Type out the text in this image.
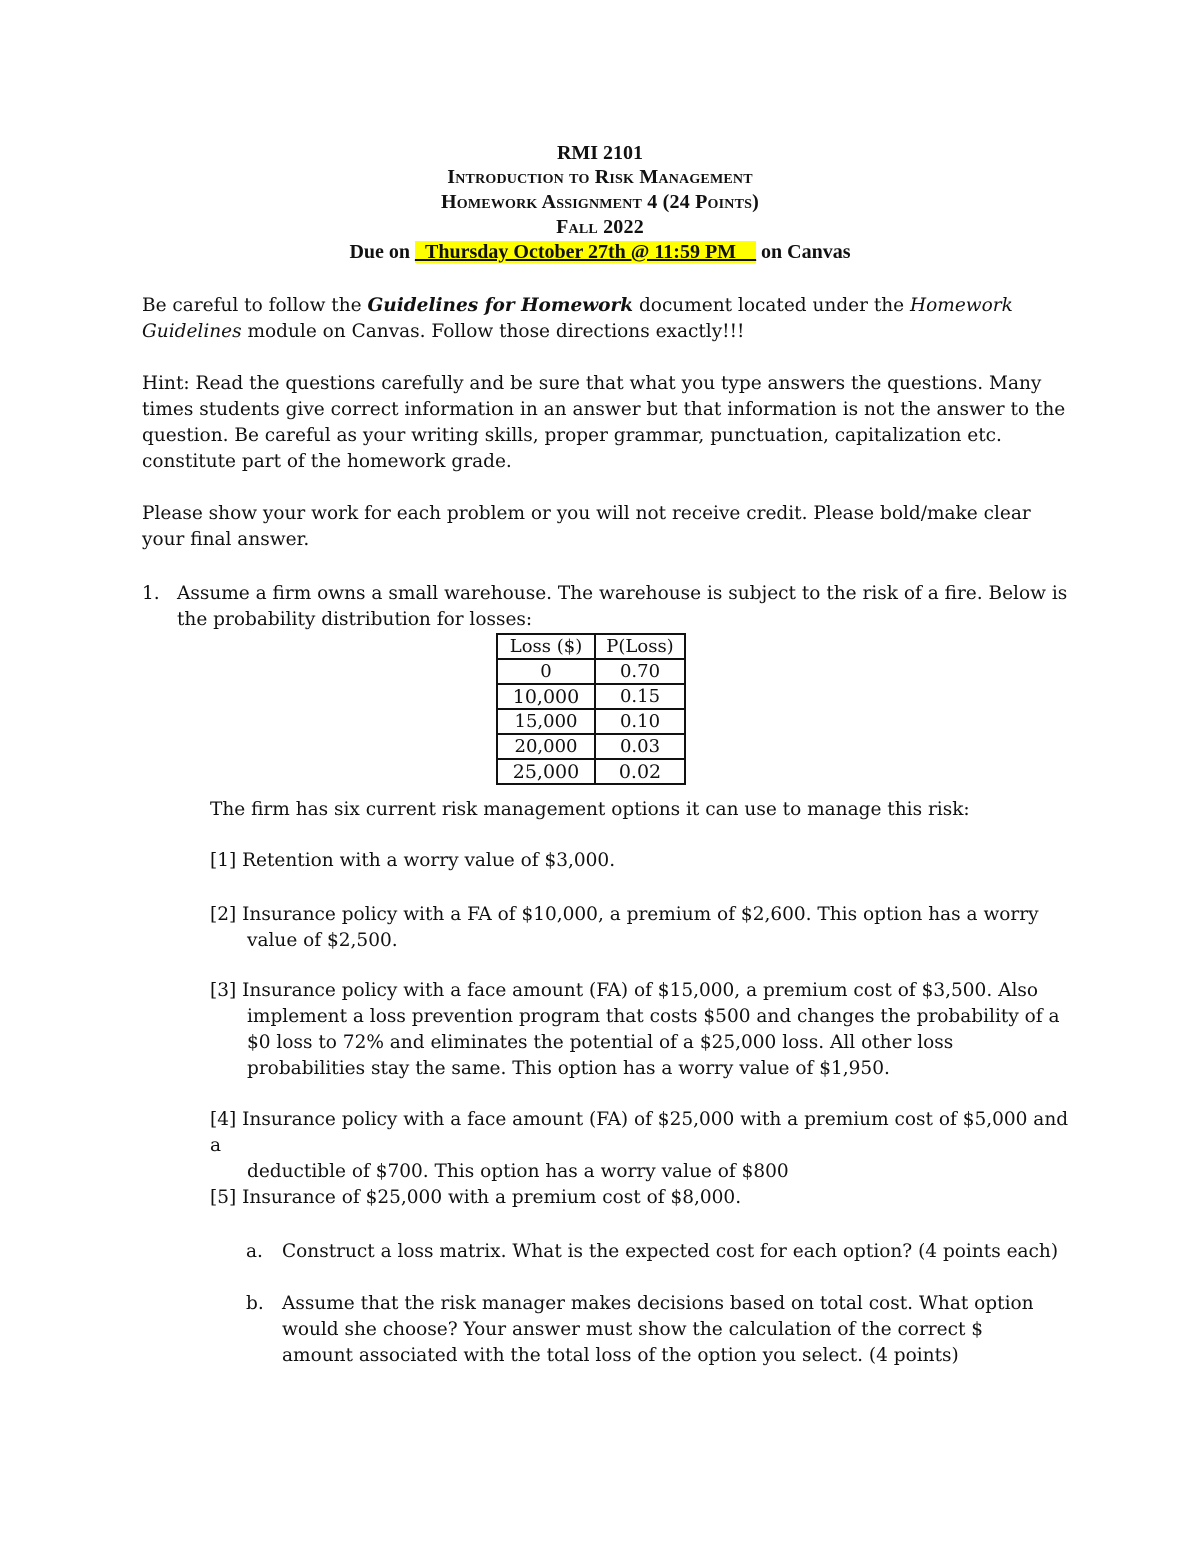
RMI 2101
Introduction to Risk Management
Homework Assignment 4 (24 Points)
Fall 2022
Due on _Thursday October 27th @ 11:59 PM__ on Canvas

Be careful to follow the Guidelines for Homework document located under the Homework Guidelines module on Canvas. Follow those directions exactly!!!

Hint: Read the questions carefully and be sure that what you type answers the questions. Many times students give correct information in an answer but that information is not the answer to the question. Be careful as your writing skills, proper grammar, punctuation, capitalization etc. constitute part of the homework grade.

Please show your work for each problem or you will not receive credit. Please bold/make clear your final answer.

1. Assume a firm owns a small warehouse. The warehouse is subject to the risk of a fire. Below is the probability distribution for losses:
Loss ($)	P(Loss)
0	0.70
10,000	0.15
15,000	0.10
20,000	0.03
25,000	0.02
The firm has six current risk management options it can use to manage this risk:
[1] Retention with a worry value of $3,000.
[2] Insurance policy with a FA of $10,000, a premium of $2,600. This option has a worry
value of $2,500.
[3] Insurance policy with a face amount (FA) of $15,000, a premium cost of $3,500. Also
implement a loss prevention program that costs $500 and changes the probability of a $0 loss to 72% and eliminates the potential of a $25,000 loss. All other loss probabilities stay the same. This option has a worry value of $1,950.
[4] Insurance policy with a face amount (FA) of $25,000 with a premium cost of $5,000 and a
deductible of $700. This option has a worry value of $800
[5] Insurance of $25,000 with a premium cost of $8,000.
a. Construct a loss matrix. What is the expected cost for each option? (4 points each)
b. Assume that the risk manager makes decisions based on total cost. What option would she choose? Your answer must show the calculation of the correct $ amount associated with the total loss of the option you select. (4 points)
